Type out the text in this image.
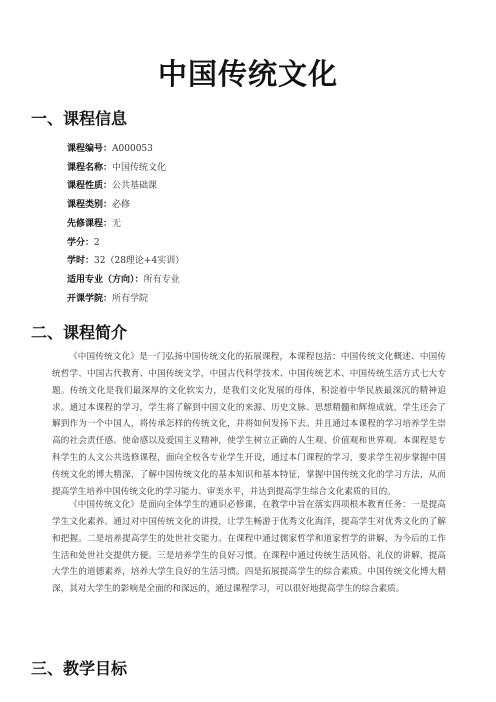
中国传统文化
一、课程信息
课程编号：A000053
课程名称：中国传统文化
课程性质：公共基础课
课程类别：必修
先修课程：无
学分：2
学时：32（28理论+4实训）
适用专业（方向）：所有专业
开课学院：所有学院
二、课程简介
《中国传统文化》是一门弘扬中国传统文化的拓展课程，本课程包括：中国传统文化概述、中国传统哲学、中国古代教育、中国传统文学，中国古代科学技术、中国传统艺术、中国传统生活方式七大专题。传统文化是我们最深厚的文化软实力，是我们文化发展的母体，积淀着中华民族最深沉的精神追求。通过本课程的学习，学生将了解到中国文化的来源、历史文脉、思想精髓和辉煌成就，学生还会了解到作为一个中国人，将传承怎样的传统文化，并将如何发扬下去。并且通过本课程的学习培养学生崇高的社会责任感、使命感以及爱国主义精神，使学生树立正确的人生观、价值观和世界观。本课程是专科学生的人文公共选修课程，面向全校各专业学生开设，通过本门课程的学习，要求学生初步掌握中国传统文化的博大精深，了解中国传统文化的基本知识和基本特征，掌握中国传统文化的学习方法，从而提高学生培养中国传统文化的学习能力、审美水平，并达到提高学生综合文化素质的目的。
《中国传统文化》是面向全体学生的通识必修课，在教学中旨在落实四项根本教育任务：一是提高学生文化素养。通过对中国传统文化的讲授，让学生畅游于优秀文化海洋，提高学生对优秀文化的了解和把握。二是培养提高学生的处世社交能力。在课程中通过儒家哲学和道家哲学的讲解，为今后的工作生活和处世社交提供方便。三是培养学生的良好习惯。在课程中通过传统生活风俗、礼仪的讲解，提高大学生的道德素养，培养大学生良好的生活习惯。四是拓展提高学生的综合素质。中国传统文化博大精深，其对大学生的影响是全面的和深远的，通过课程学习，可以很好地提高学生的综合素质。
三、教学目标
